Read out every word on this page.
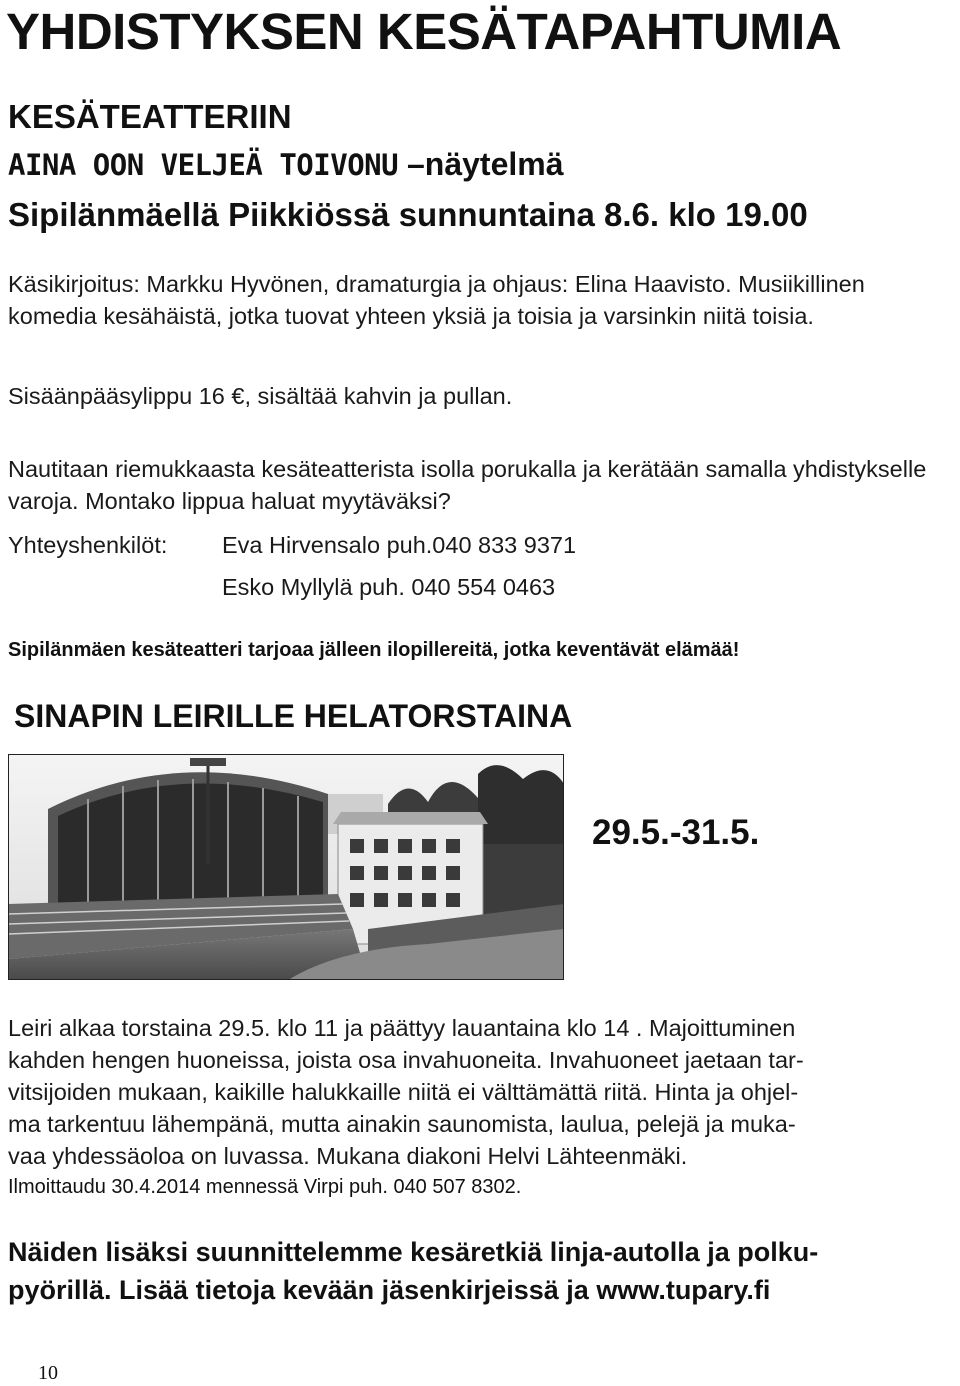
YHDISTYKSEN KESÄTAPAHTUMIA
KESÄTEATTERIIN
AINA OON VELJEÄ TOIVONU –näytelmä
Sipilänmäellä Piikkiössä sunnuntaina 8.6. klo 19.00
Käsikirjoitus: Markku Hyvönen, dramaturgia ja ohjaus: Elina Haavisto. Musiikillinen komedia kesähäistä, jotka tuovat yhteen yksiä ja toisia ja varsinkin niitä toisia.
Sisäänpääsylippu 16 €, sisältää kahvin ja pullan.
Nautitaan riemukkaasta kesäteatterista isolla porukalla ja kerätään samalla yhdistykselle varoja. Montako lippua haluat myytäväksi?
Yhteyshenkilöt: Eva Hirvensalo puh.040 833 9371
Esko Myllylä puh. 040 554 0463
Sipilänmäen kesäteatteri tarjoaa jälleen ilopillereitä, jotka keventävät elämää!
SINAPIN LEIRILLE HELATORSTAINA
29.5.-31.5.
Leiri alkaa torstaina 29.5. klo 11 ja päättyy lauantaina klo 14 . Majoittuminen
kahden hengen huoneissa, joista osa invahuoneita. Invahuoneet jaetaan tar-
vitsijoiden mukaan, kaikille halukkaille niitä ei välttämättä riitä. Hinta ja ohjel-
ma tarkentuu lähempänä, mutta ainakin saunomista, laulua, pelejä ja muka-
vaa yhdessäoloa on luvassa. Mukana diakoni Helvi Lähteenmäki.
Ilmoittaudu 30.4.2014 mennessä Virpi puh. 040 507 8302.
Näiden lisäksi suunnittelemme kesäretkiä linja-autolla ja polku-
pyörillä. Lisää tietoja kevään jäsenkirjeissä ja www.tupary.fi
10
